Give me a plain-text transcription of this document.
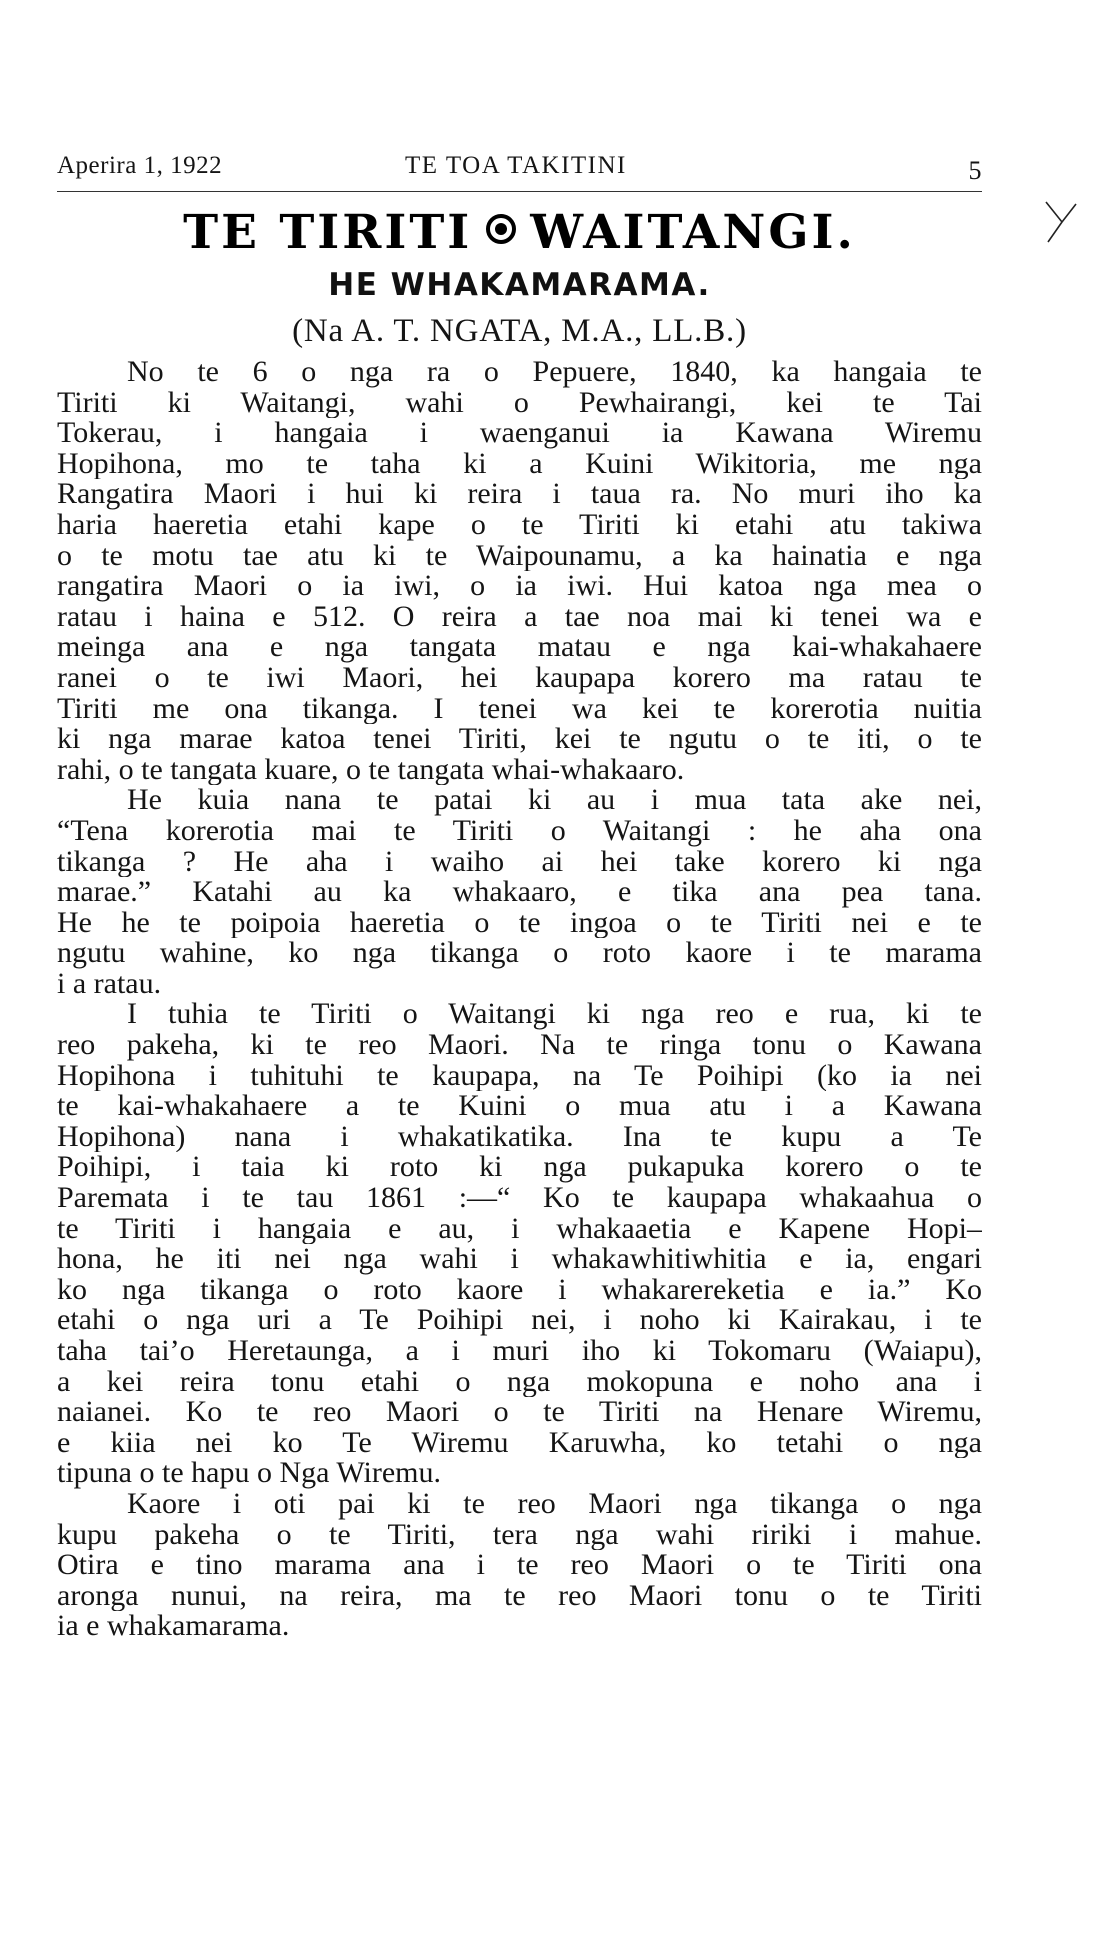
Aperira 1, 1922	TE TOA TAKITINI	5
TE TIRITI WAITANGI.
HE WHAKAMARAMA.
(Na A. T. NGATA, M.A., LL.B.)

No te 6 o nga ra o Pepuere, 1840, ka hangaia te
Tiriti ki Waitangi, wahi o Pewhairangi, kei te Tai
Tokerau, i hangaia i waenganui ia Kawana Wiremu
Hopihona, mo te taha ki a Kuini Wikitoria, me nga
Rangatira Maori i hui ki reira i taua ra. No muri iho ka
haria haeretia etahi kape o te Tiriti ki etahi atu takiwa
o te motu tae atu ki te Waipounamu, a ka hainatia e nga
rangatira Maori o ia iwi, o ia iwi. Hui katoa nga mea o
ratau i haina e 512. O reira a tae noa mai ki tenei wa e
meinga ana e nga tangata matau e nga kai-whakahaere
ranei o te iwi Maori, hei kaupapa korero ma ratau te
Tiriti me ona tikanga. I tenei wa kei te korerotia nuitia
ki nga marae katoa tenei Tiriti, kei te ngutu o te iti, o te
rahi, o te tangata kuare, o te tangata whai-whakaaro.

He kuia nana te patai ki au i mua tata ake nei,
“Tena korerotia mai te Tiriti o Waitangi : he aha ona
tikanga ? He aha i waiho ai hei take korero ki nga
marae.” Katahi au ka whakaaro, e tika ana pea tana.
He he te poipoia haeretia o te ingoa o te Tiriti nei e te
ngutu wahine, ko nga tikanga o roto kaore i te marama
i a ratau.

I tuhia te Tiriti o Waitangi ki nga reo e rua, ki te
reo pakeha, ki te reo Maori. Na te ringa tonu o Kawana
Hopihona i tuhituhi te kaupapa, na Te Poihipi (ko ia nei
te kai-whakahaere a te Kuini o mua atu i a Kawana
Hopihona) nana i whakatikatika. Ina te kupu a Te
Poihipi, i taia ki roto ki nga pukapuka korero o te
Paremata i te tau 1861 :—“ Ko te kaupapa whakaahua o
te Tiriti i hangaia e au, i whakaaetia e Kapene Hopi–
hona, he iti nei nga wahi i whakawhitiwhitia e ia, engari
ko nga tikanga o roto kaore i whakarereketia e ia.” Ko
etahi o nga uri a Te Poihipi nei, i noho ki Kairakau, i te
taha tai’o Heretaunga, a i muri iho ki Tokomaru (Waiapu),
a kei reira tonu etahi o nga mokopuna e noho ana i
naianei. Ko te reo Maori o te Tiriti na Henare Wiremu,
e kiia nei ko Te Wiremu Karuwha, ko tetahi o nga
tipuna o te hapu o Nga Wiremu.

Kaore i oti pai ki te reo Maori nga tikanga o nga
kupu pakeha o te Tiriti, tera nga wahi ririki i mahue.
Otira e tino marama ana i te reo Maori o te Tiriti ona
aronga nunui, na reira, ma te reo Maori tonu o te Tiriti
ia e whakamarama.
